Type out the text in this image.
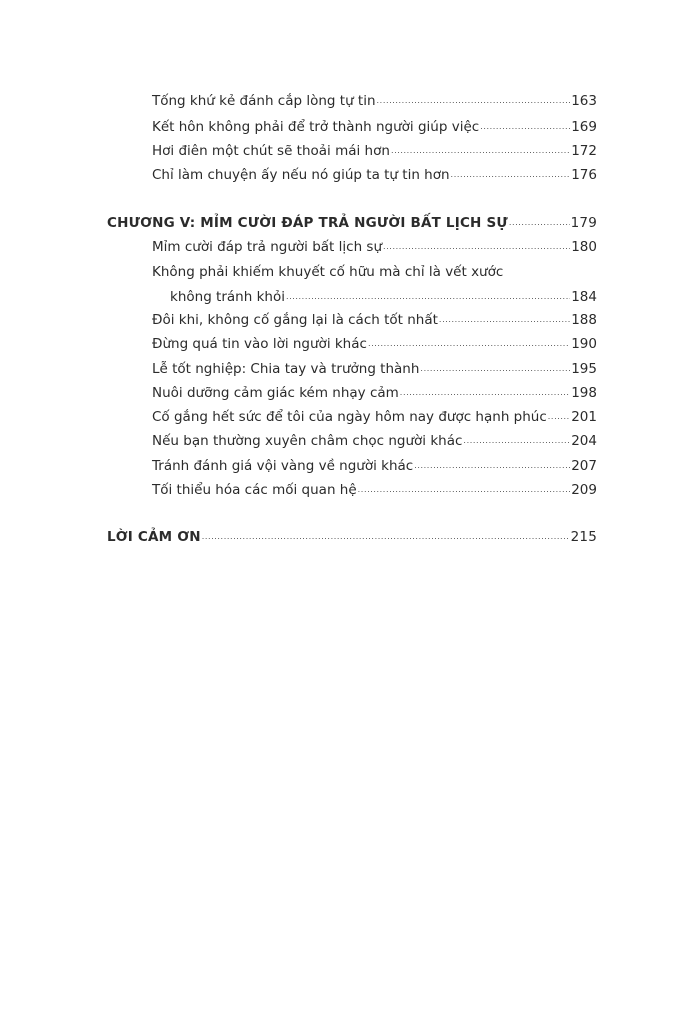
Tống khứ kẻ đánh cắp lòng tự tin .....	163
Kết hôn không phải để trở thành người giúp việc .....	169
Hơi điên một chút sẽ thoải mái hơn .....	172
Chỉ làm chuyện ấy nếu nó giúp ta tự tin hơn .....	176
CHƯƠNG V: MỈM CƯỜI ĐÁP TRẢ NGƯỜI BẤT LỊCH SỰ .....	179
Mỉm cười đáp trả người bất lịch sự .....	180
Không phải khiếm khuyết cố hữu mà chỉ là vết xước
không tránh khỏi .....	184
Đôi khi, không cố gắng lại là cách tốt nhất .....	188
Đừng quá tin vào lời người khác .....	190
Lễ tốt nghiệp: Chia tay và trưởng thành .....	195
Nuôi dưỡng cảm giác kém nhạy cảm .....	198
Cố gắng hết sức để tôi của ngày hôm nay được hạnh phúc ..... 201
Nếu bạn thường xuyên châm chọc người khác .....	204
Tránh đánh giá vội vàng về người khác .....	207
Tối thiểu hóa các mối quan hệ .....	209
LỜI CẢM ƠN .....	215
